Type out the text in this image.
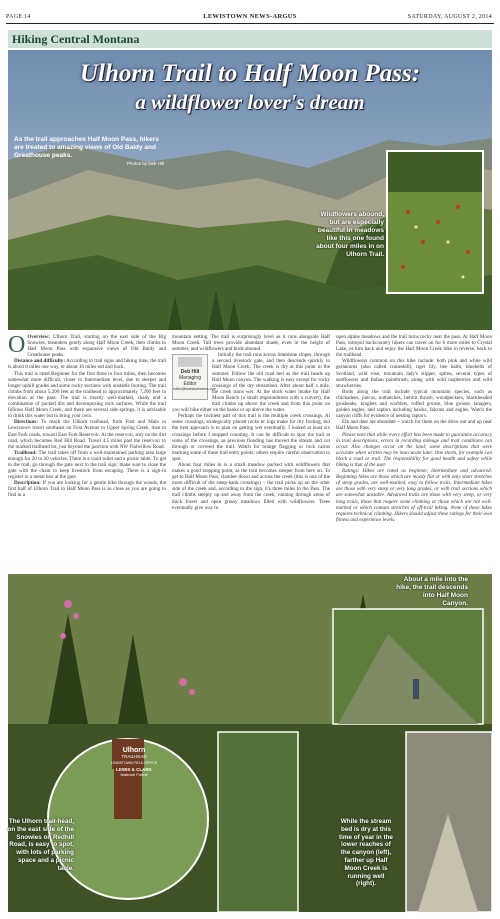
PAGE 14	LEWISTOWN NEWS-ARGUS	SATURDAY, AUGUST 2, 2014
Hiking Central Montana
Ulhorn Trail to Half Moon Pass:
a wildflower lover's dream
As the trail approaches Half Moon Pass, hikers are treated to amazing views of Old Baldy and Greathouse peaks.
Photos by Deb Hill
Wildflowers abound, but are especially beautiful in meadows like this one found about four miles in on Ulhorn Trail.

O Overview: Ulhorn Trail, starting on the east side of the Big Snowies, meanders gently along Half Moon Creek, then climbs to Half Moon Pass with expansive views of Old Baldy and Greathouse peaks.

Distance and difficulty: According to trail signs and hiking time, the trail is about 8 miles one way, or about 16 miles out and back.

This trail is rated Beginner for the first three to four miles, then becomes somewhat more difficult, closer to Intermediate level, due to steeper and longer uphill grades and some rocky sections with unstable footing. The trail climbs from about 5,200 feet at the trailhead to approximately 7,200 feet in elevation at the pass. The trail is mostly well-marked, shady and a combination of packed dirt and decomposing rock surfaces. While the trail follows Half Moon Creek, and there are several side springs, it is advisable to drink this water but to bring your own.

Directions: To reach the Ulhorn trailhead, from First and Main in Lewistown travel southeast on First Avenue to Upper Spring Creek, then to East Fork roads, toward East Fork Reservoir. At the reservoir, stay on the dirt road, which becomes Red Hill Road. Travel 4.5 miles past the reservoir to the marked trailhead lot, just beyond the junction with NW Flatwillow Road.

Trailhead: The trail takes off from a well-maintained parking area large enough for 20 to 30 vehicles. There is a vault toilet and a picnic table. To get to the trail, go through the gate next to the trail sign; make sure to close the gate with the chain to keep livestock from escaping. There is a sign-in register in a metal box at the gate.

Description: If you are looking for a gentle hike through the woods, the first half of Ulhorn Trail to Half Moon Pass is as close as you are going to find in a

mountain setting. The trail is surprisingly level as it runs alongside Half Moon Creek. Tall trees provide abundant shade, even in the height of summer, and wildflowers and birds abound.

Deb Hill
Managing Editor
editor@lewistownnews.com

Initially the trail runs across limestone slopes, through a second livestock gate, and then descends quickly to Half Moon Creek. The creek is dry at this point in the summer. Follow the old road bed as the trail heads up Half Moon canyon. The walking is easy except for rocky crossings of the dry streambed. After about half a mile, the creek turns wet. At the stock water intake for Half Moon Ranch (a small impoundment with a culvert), the trail climbs up above the creek and from this point on you will hike either on the banks or up above the water.

Perhaps the trickiest part of this trail is the multiple creek crossings. At some crossings, strategically placed rocks or logs make for dry footing, but the best approach is to plan on getting wet eventually. I looked at least six crossings before I stopped counting. It can be difficult to spot the trail at some of the crossings, as previous flooding has moved the stream and cut through or covered the trail. Watch for orange flagging or rock cairns marking some of these trail entry points; others require careful observation to spot.

About four miles in is a small meadow packed with wildflowers that makes a good stopping point, as the trail becomes steeper from here on. To get to Half Moon Pass, clamber down and across the creek (this is one of the more difficult of the steep-bank crossings) – the trail picks up on the other side of the creek and, according to the sign, it's three miles to the Pass. The trail climbs steeply up and away from the creek, running through areas of thick forest and open grassy meadows filled with wildflowers. Trees eventually give way to

open alpine meadows and the trail turns rocky near the pass. At Half Moon Pass, intrepid backcountry hikers can travel on for 6 more miles to Crystal Lake, or turn back and enjoy the Half Moon Creek hike in reverse, back to the trailhead.

Wildflowers common on this hike include: both pink and white wild geraniums (also called cranesbill), tiger lily, bee balm, bluebells of Scotland, wild rose, mountain lady's slipper, spirea, several types of sunflowers and Indian paintbrush, along with wild raspberries and wild strawberries.

Birds along the trail include typical mountain species, such as chickadees, juncos, nuthatches, hermit thrush, woodpeckers, blackheaded grosbeaks, kinglets and warblers, ruffed grouse, blue grouse, tanagers, golden eagles, and raptors including hawks, falcons and eagles. Watch the canyon cliffs for evidence of nesting raptors.

Elk and deer are abundant – watch for them on the drive out and up near Half Moon Pass.

Please note that while every effort has been made to guarantee accuracy in trail descriptions, errors in recording mileage and trail conditions can occur. Also changes occur on the land; some descriptions that were accurate when written may be inaccurate later. One storm, for example can block a road or trail. The responsibility for good health and safety while hiking is that of the user.

Ratings: Hikes are rated as beginner, intermediate and advanced. Beginning hikes are those which are mostly flat or with only short stretches of steep grades, are well-marked, easy to follow trails. Intermediate hikes are those with very steep or very long grades, or with trail sections which are somewhat unstable. Advanced trails are those with very steep, or very long trails, those that require some climbing or those which are not well-marked or which contain stretches of off-trail hiking. None of these hikes requires technical climbing. Hikers should adjust these ratings for their own fitness and experience levels.

About a mile into the hike, the trail descends into Half Moon Canyon.
Ulhorn
TRAILHEAD
LEWISTOWN FIELD OFFICE
LEWIS & CLARK
National Forest
The Ulhorn trail-head, on the east side of the Snowies on Redhill Road, is easy to spot, with lots of parking space and a picnic table.
While the stream bed is dry at this time of year in the lower reaches of the canyon (left), farther up Half Moon Creek is running well (right).
